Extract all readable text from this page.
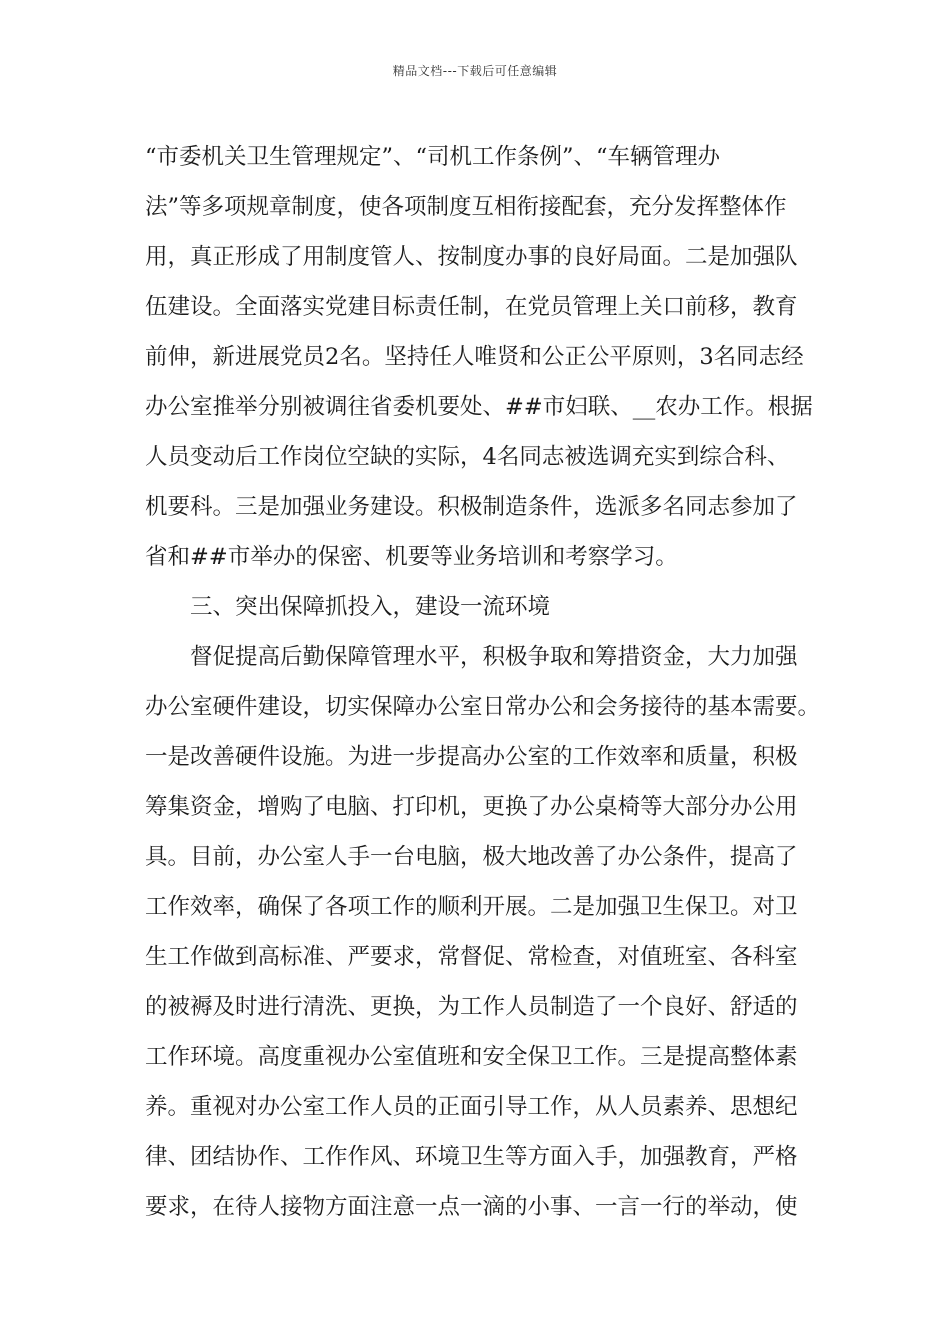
精品文档---下载后可任意编辑
“市委机关卫生管理规定”、“司机工作条例”、“车辆管理办
法”等多项规章制度，使各项制度互相衔接配套，充分发挥整体作
用，真正形成了用制度管人、按制度办事的良好局面。二是加强队
伍建设。全面落实党建目标责任制，在党员管理上关口前移，教育
前伸，新进展党员2名。坚持任人唯贤和公正公平原则，3名同志经
办公室推举分别被调往省委机要处、##市妇联、__农办工作。根据
人员变动后工作岗位空缺的实际，4名同志被选调充实到综合科、
机要科。三是加强业务建设。积极制造条件，选派多名同志参加了
省和##市举办的保密、机要等业务培训和考察学习。
三、突出保障抓投入，建设一流环境
督促提高后勤保障管理水平，积极争取和筹措资金，大力加强
办公室硬件建设，切实保障办公室日常办公和会务接待的基本需要。
一是改善硬件设施。为进一步提高办公室的工作效率和质量，积极
筹集资金，增购了电脑、打印机，更换了办公桌椅等大部分办公用
具。目前，办公室人手一台电脑，极大地改善了办公条件，提高了
工作效率，确保了各项工作的顺利开展。二是加强卫生保卫。对卫
生工作做到高标准、严要求，常督促、常检查，对值班室、各科室
的被褥及时进行清洗、更换，为工作人员制造了一个良好、舒适的
工作环境。高度重视办公室值班和安全保卫工作。三是提高整体素
养。重视对办公室工作人员的正面引导工作，从人员素养、思想纪
律、团结协作、工作作风、环境卫生等方面入手，加强教育，严格
要求，在待人接物方面注意一点一滴的小事、一言一行的举动，使
